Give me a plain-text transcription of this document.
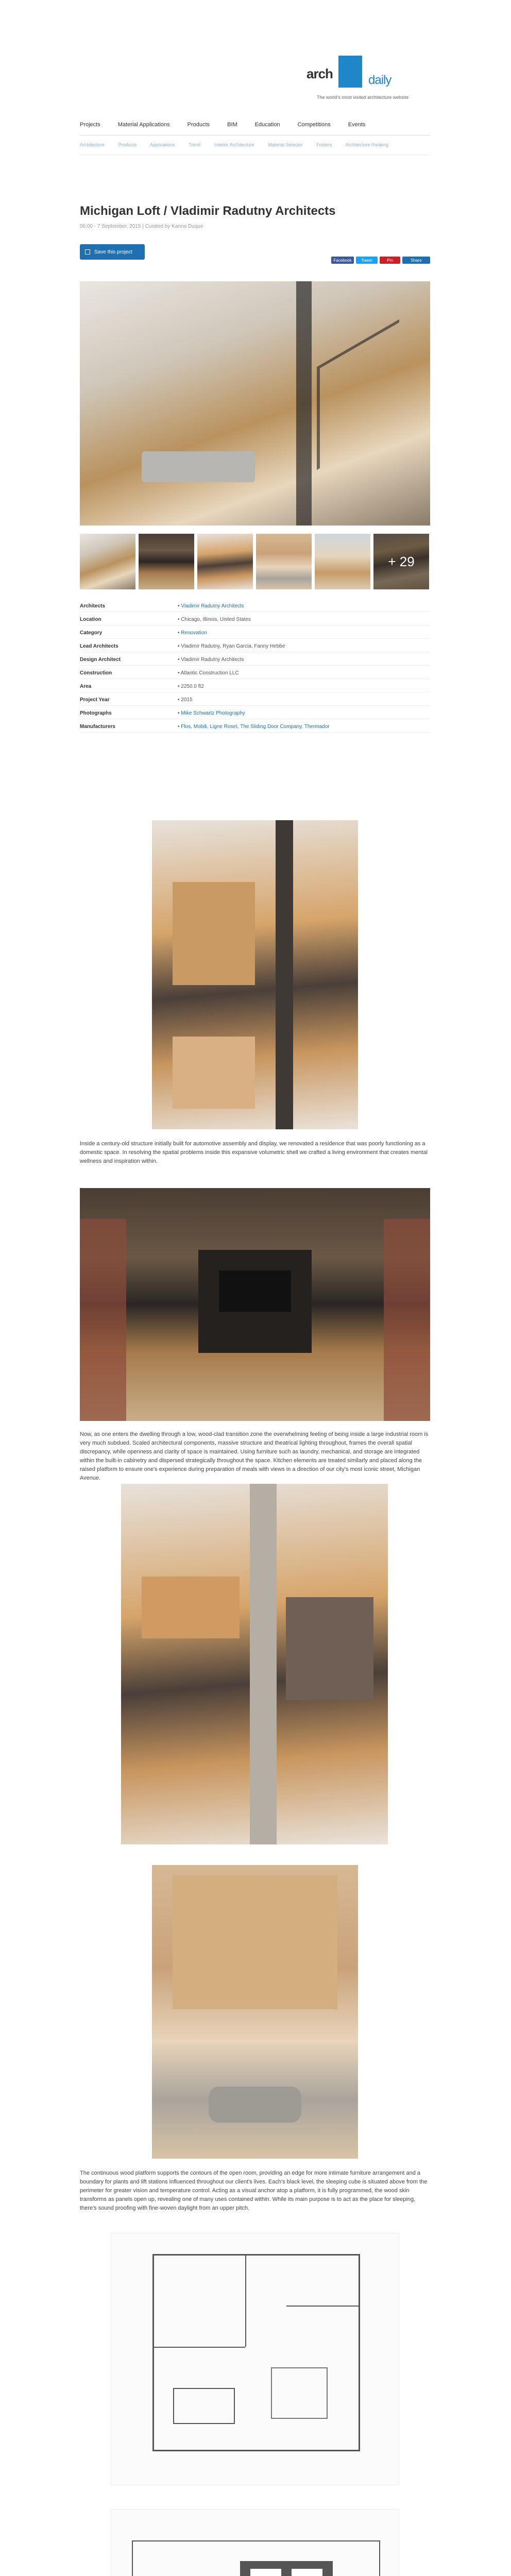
arch	daily
The world's most visited architecture website
Projects	Material Applications	Products	BIM	Education	Competitions	Events
Architecture	Products	Applications	Trend	Interior Architecture	Material Selector	Folders	Architecture Ranking
Michigan Loft / Vladimir Radutny Architects
06:00 - 7 September, 2015 | Curated by Karina Duque
Save this project
Facebook	Tweet	Pin	Share
+ 29
Architects	• Vladimir Radutny Architects
Location	• Chicago, Illinois, United States
Category	• Renovation
Lead Architects	• Vladimir Radutny, Ryan Garcia, Fanny Hebbe
Design Architect	• Vladimir Radutny Architects
Construction	• Atlantic Construction LLC
Area	• 2250.0 ft2
Project Year	• 2015
Photographs	• Mike Schwartz Photography
Manufacturers	• Flos, Mobili, Ligne Roset, The Sliding Door Company, Thermador

Inside a century-old structure initially built for automotive assembly and display, we renovated a residence that was poorly functioning as a domestic space. In resolving the spatial problems inside this expansive volumetric shell we crafted a living environment that creates mental wellness and inspiration within.

Now, as one enters the dwelling through a low, wood-clad transition zone the overwhelming feeling of being inside a large industrial room is very much subdued. Scaled architectural components, massive structure and theatrical lighting throughout, frames the overall spatial discrepancy, while openness and clarity of space is maintained. Using furniture such as laundry, mechanical, and storage are integrated within the built-in cabinetry and dispersed strategically throughout the space. Kitchen elements are treated similarly and placed along the raised platform to ensure one's experience during preparation of meals with views in a direction of our city's most iconic street, Michigan Avenue.

The continuous wood platform supports the contours of the open room, providing an edge for more intimate furniture arrangement and a boundary for plants and lift stations influenced throughout our client's lives. Each's black level, the sleeping cube is situated above from the perimeter for greater vision and temperature control. Acting as a visual anchor atop a platform, it is fully programmed, the wood skin transforms as panels open up, revealing one of many uses contained within. While its main purpose is to act as the place for sleeping, there's sound proofing with fine-woven daylight from an upper pitch.
